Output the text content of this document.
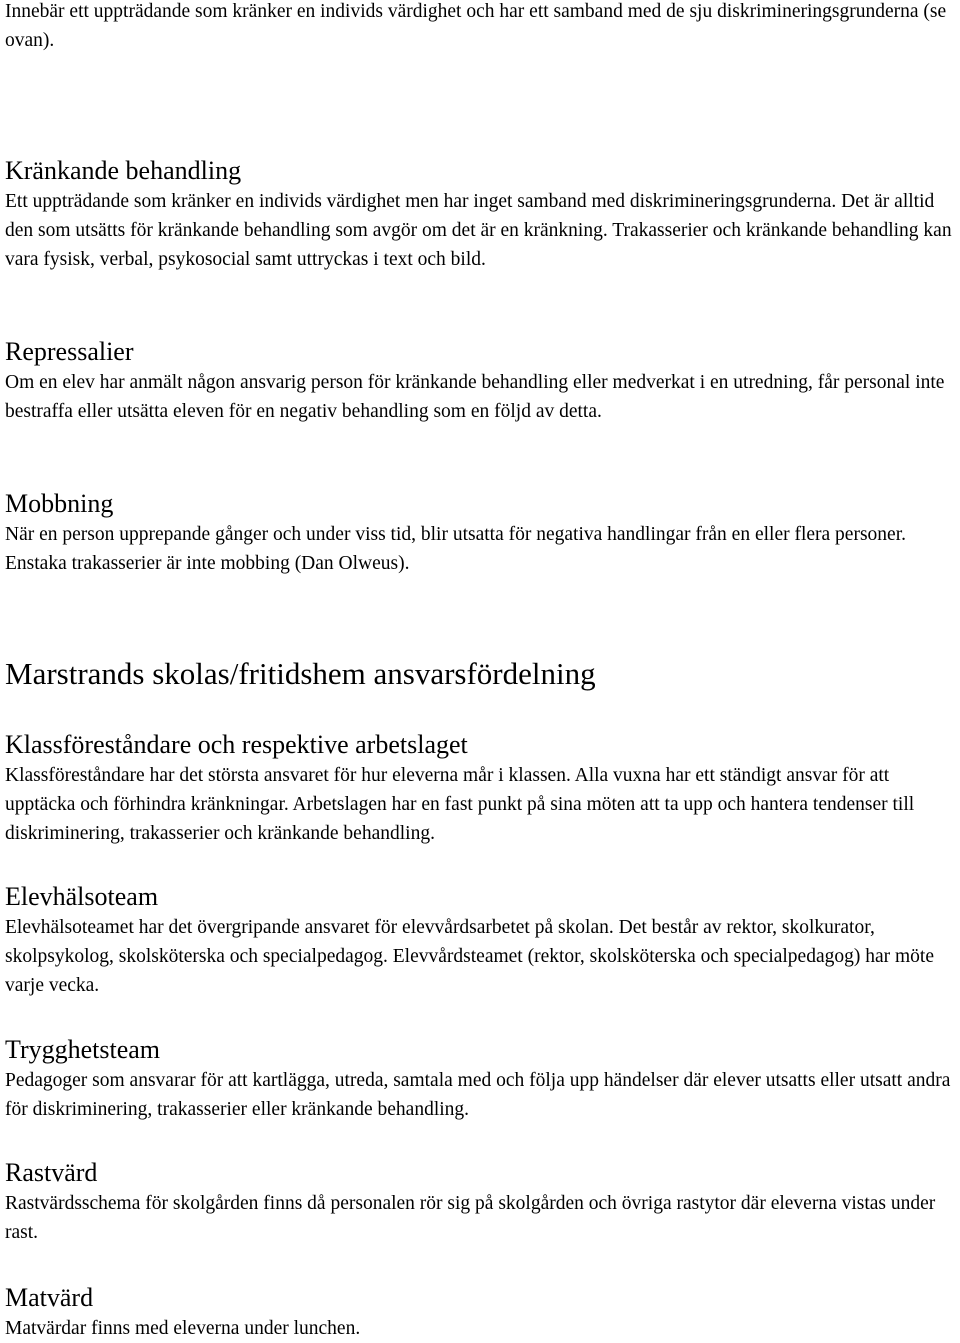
Innebär ett uppträdande som kränker en individs värdighet och har ett samband med de sju diskrimineringsgrunderna (se ovan).

Kränkande behandling

Ett uppträdande som kränker en individs värdighet men har inget samband med diskrimineringsgrunderna. Det är alltid den som utsätts för kränkande behandling som avgör om det är en kränkning. Trakasserier och kränkande behandling kan vara fysisk, verbal, psykosocial samt uttryckas i text och bild.

Repressalier

Om en elev har anmält någon ansvarig person för kränkande behandling eller medverkat i en utredning, får personal inte bestraffa eller utsätta eleven för en negativ behandling som en följd av detta.

Mobbning

När en person upprepande gånger och under viss tid, blir utsatta för negativa handlingar från en eller flera personer. Enstaka trakasserier är inte mobbing (Dan Olweus).

Marstrands skolas/fritidshem ansvarsfördelning
Klassföreståndare och respektive arbetslaget

Klassföreståndare har det största ansvaret för hur eleverna mår i klassen. Alla vuxna har ett ständigt ansvar för att upptäcka och förhindra kränkningar. Arbetslagen har en fast punkt på sina möten att ta upp och hantera tendenser till diskriminering, trakasserier och kränkande behandling.

Elevhälsoteam

Elevhälsoteamet har det övergripande ansvaret för elevvårdsarbetet på skolan. Det består av rektor, skolkurator, skolpsykolog, skolsköterska och specialpedagog. Elevvårdsteamet (rektor, skolsköterska och specialpedagog) har möte varje vecka.

Trygghetsteam

Pedagoger som ansvarar för att kartlägga, utreda, samtala med och följa upp händelser där elever utsatts eller utsatt andra för diskriminering, trakasserier eller kränkande behandling.

Rastvärd

Rastvärdsschema för skolgården finns då personalen rör sig på skolgården och övriga rastytor där eleverna vistas under rast.

Matvärd

Matvärdar finns med eleverna under lunchen.
